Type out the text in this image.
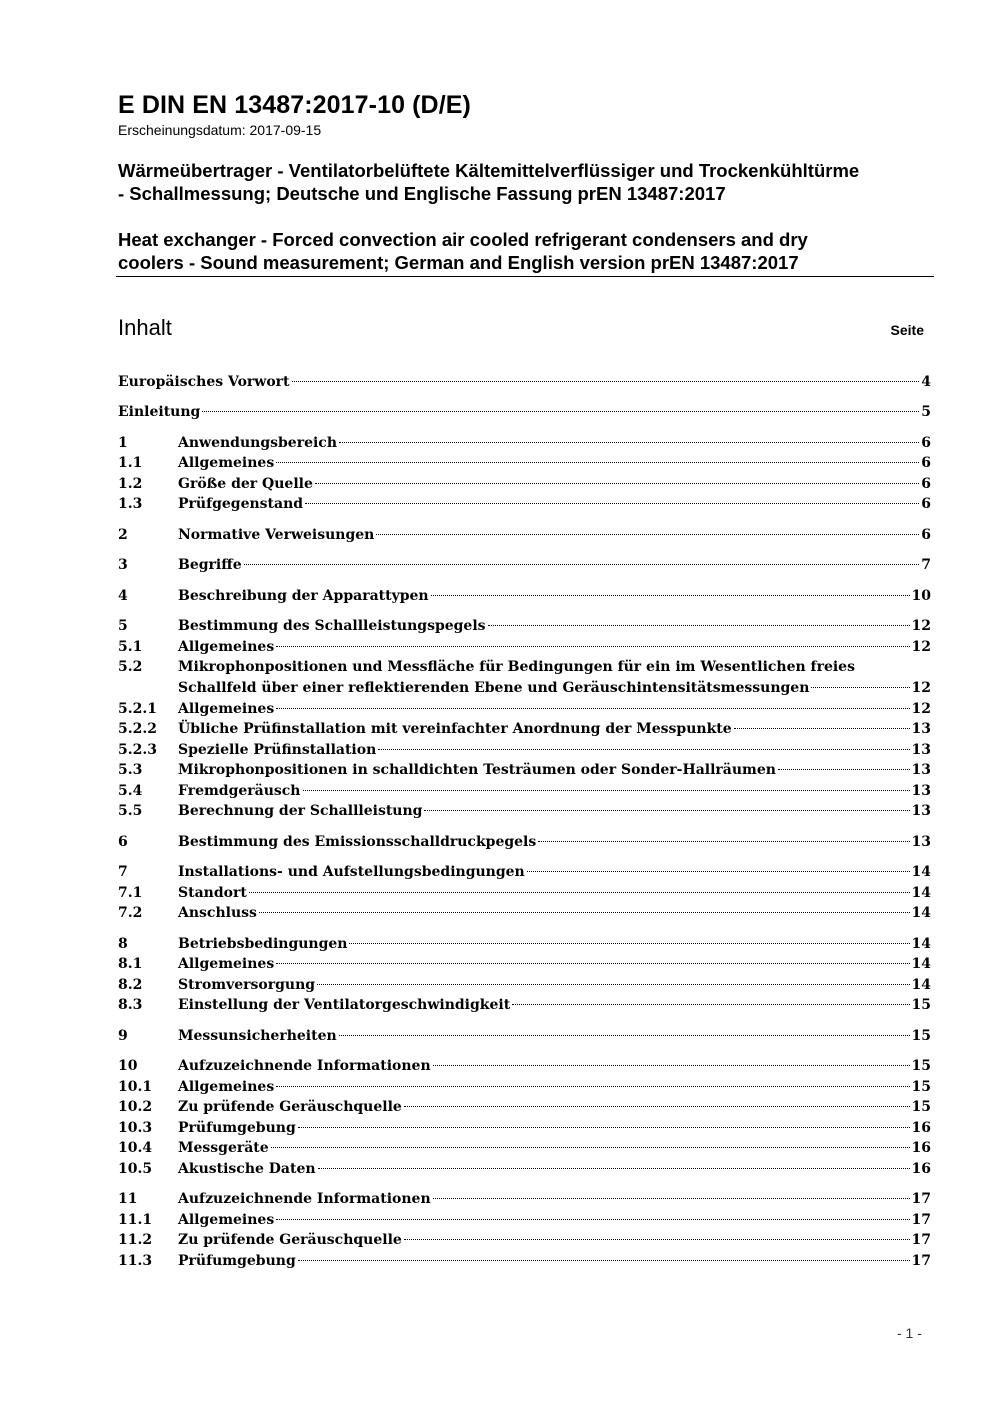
E DIN EN 13487:2017-10 (D/E)
Erscheinungsdatum: 2017-09-15
Wärmeübertrager - Ventilatorbelüftete Kältemittelverflüssiger und Trockenkühltürme
- Schallmessung; Deutsche und Englische Fassung prEN 13487:2017
Heat exchanger - Forced convection air cooled refrigerant condensers and dry
coolers - Sound measurement; German and English version prEN 13487:2017
Inhalt	Seite
Europäisches Vorwort	4
Einleitung	5
1	Anwendungsbereich	6
1.1	Allgemeines	6
1.2	Größe der Quelle	6
1.3	Prüfgegenstand	6
2	Normative Verweisungen	6
3	Begriffe	7
4	Beschreibung der Apparattypen	10
5	Bestimmung des Schallleistungspegels	12
5.1	Allgemeines	12
5.2	Mikrophonpositionen und Messfläche für Bedingungen für ein im Wesentlichen freies
Schallfeld über einer reflektierenden Ebene und Geräuschintensitätsmessungen	12
5.2.1 Allgemeines	12
5.2.2 Übliche Prüfinstallation mit vereinfachter Anordnung der Messpunkte	13
5.2.3 Spezielle Prüfinstallation	13
5.3	Mikrophonpositionen in schalldichten Testräumen oder Sonder-Hallräumen	13
5.4	Fremdgeräusch	13
5.5	Berechnung der Schallleistung	13
6	Bestimmung des Emissionsschalldruckpegels	13
7	Installations- und Aufstellungsbedingungen	14
7.1	Standort	14
7.2	Anschluss	14
8	Betriebsbedingungen	14
8.1	Allgemeines	14
8.2	Stromversorgung	14
8.3	Einstellung der Ventilatorgeschwindigkeit	15
9	Messunsicherheiten	15
10	Aufzuzeichnende Informationen	15
10.1 Allgemeines	15
10.2 Zu prüfende Geräuschquelle	15
10.3 Prüfumgebung	16
10.4 Messgeräte	16
10.5 Akustische Daten	16
11	Aufzuzeichnende Informationen	17
11.1 Allgemeines	17
11.2 Zu prüfende Geräuschquelle	17
11.3 Prüfumgebung	17
- 1 -
